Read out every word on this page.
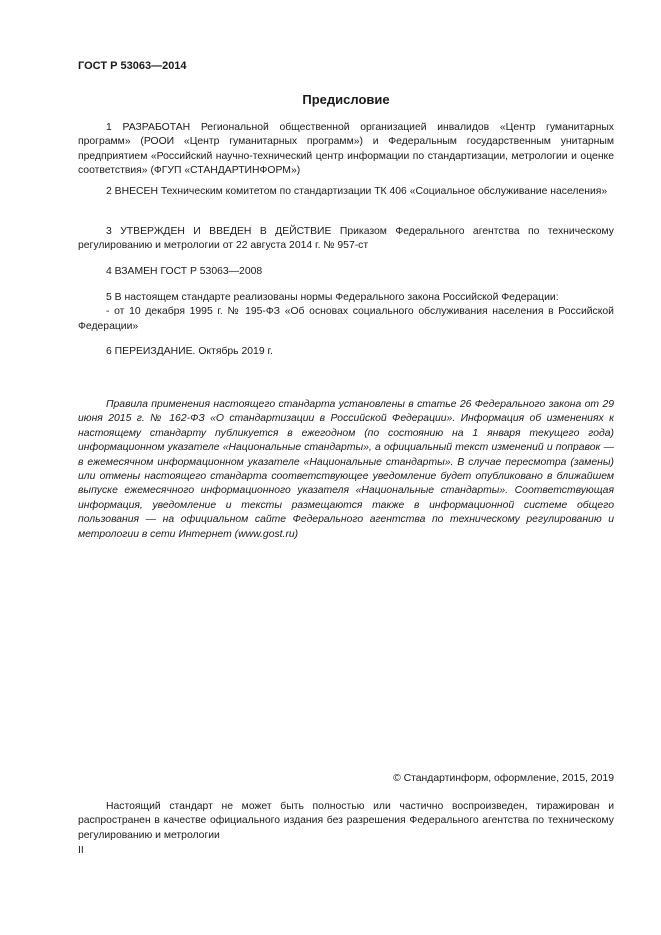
ГОСТ Р 53063—2014
Предисловие

1 РАЗРАБОТАН Региональной общественной организацией инвалидов «Центр гуманитарных программ» (РООИ «Центр гуманитарных программ») и Федеральным государственным унитарным предприятием «Российский научно-технический центр информации по стандартизации, метрологии и оценке соответствия» (ФГУП «СТАНДАРТИНФОРМ»)

2 ВНЕСЕН Техническим комитетом по стандартизации ТК 406 «Социальное обслуживание населения»

3 УТВЕРЖДЕН И ВВЕДЕН В ДЕЙСТВИЕ Приказом Федерального агентства по техническому регулированию и метрологии от 22 августа 2014 г. № 957-ст

4 ВЗАМЕН ГОСТ Р 53063—2008

5 В настоящем стандарте реализованы нормы Федерального закона Российской Федерации:

- от 10 декабря 1995 г. № 195-ФЗ «Об основах социального обслуживания населения в Российской Федерации»

6 ПЕРЕИЗДАНИЕ. Октябрь 2019 г.

Правила применения настоящего стандарта установлены в статье 26 Федерального закона от 29 июня 2015 г. № 162-ФЗ «О стандартизации в Российской Федерации». Информация об изменениях к настоящему стандарту публикуется в ежегодном (по состоянию на 1 января текущего года) информационном указателе «Национальные стандарты», а официальный текст изменений и поправок — в ежемесячном информационном указателе «Национальные стандарты». В случае пересмотра (замены) или отмены настоящего стандарта соответствующее уведомление будет опубликовано в ближайшем выпуске ежемесячного информационного указателя «Национальные стандарты». Соответствующая информация, уведомление и тексты размещаются также в информационной системе общего пользования — на официальном сайте Федерального агентства по техническому регулированию и метрологии в сети Интернет (www.gost.ru)

© Стандартинформ, оформление, 2015, 2019
Настоящий стандарт не может быть полностью или частично воспроизведен, тиражирован и распространен в качестве официального издания без разрешения Федерального агентства по техническому регулированию и метрологии
II
